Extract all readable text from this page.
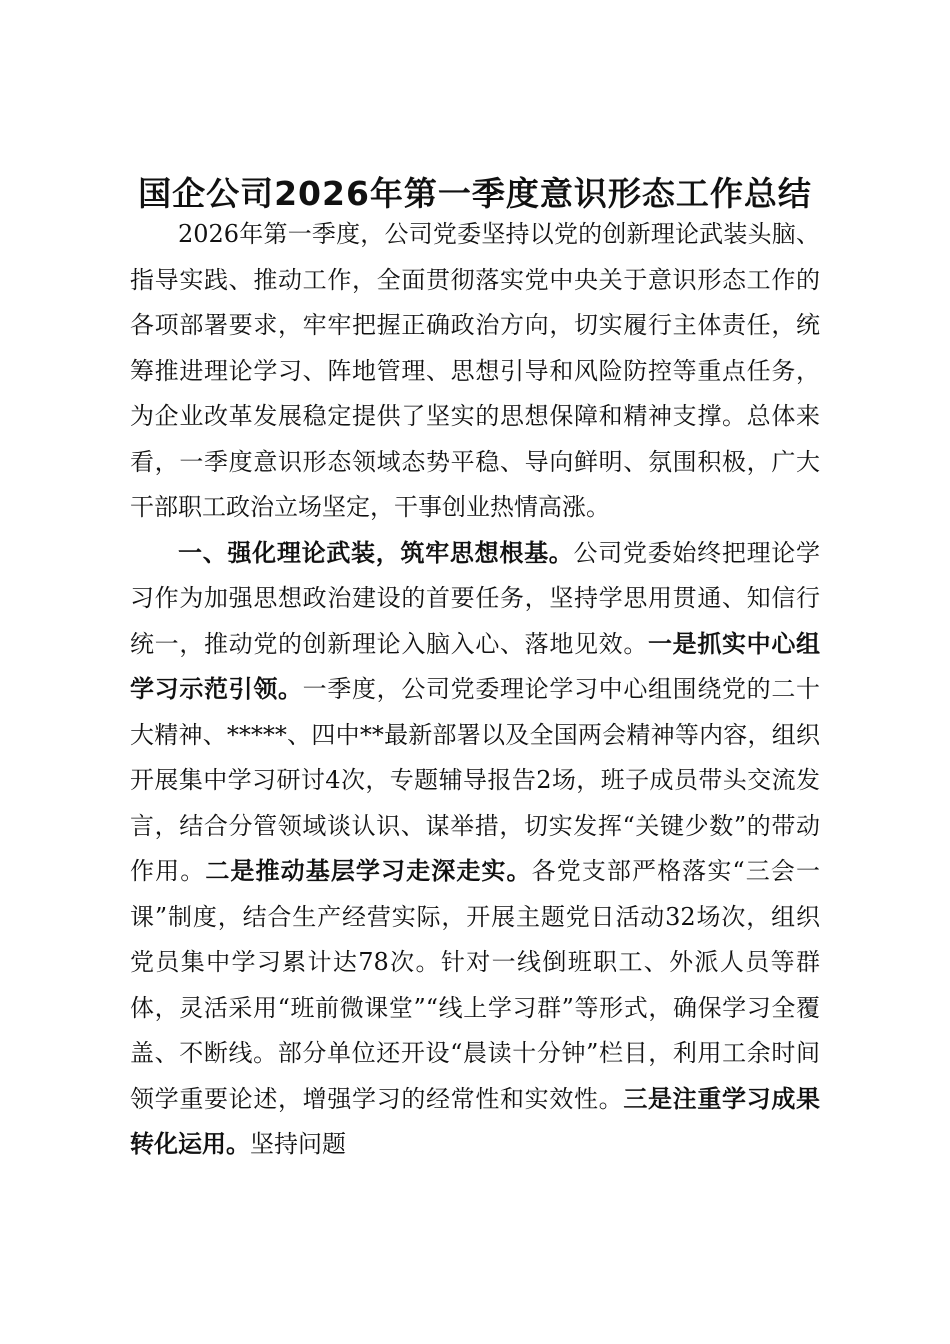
国企公司2026年第一季度意识形态工作总结

2026年第一季度，公司党委坚持以党的创新理论武装头脑、指导实践、推动工作，全面贯彻落实党中央关于意识形态工作的各项部署要求，牢牢把握正确政治方向，切实履行主体责任，统筹推进理论学习、阵地管理、思想引导和风险防控等重点任务，为企业改革发展稳定提供了坚实的思想保障和精神支撑。总体来看，一季度意识形态领域态势平稳、导向鲜明、氛围积极，广大干部职工政治立场坚定，干事创业热情高涨。

一、强化理论武装，筑牢思想根基。公司党委始终把理论学习作为加强思想政治建设的首要任务，坚持学思用贯通、知信行统一，推动党的创新理论入脑入心、落地见效。一是抓实中心组学习示范引领。一季度，公司党委理论学习中心组围绕党的二十大精神、*****、四中**最新部署以及全国两会精神等内容，组织开展集中学习研讨4次，专题辅导报告2场，班子成员带头交流发言，结合分管领域谈认识、谋举措，切实发挥“关键少数”的带动作用。二是推动基层学习走深走实。各党支部严格落实“三会一课”制度，结合生产经营实际，开展主题党日活动32场次，组织党员集中学习累计达78次。针对一线倒班职工、外派人员等群体，灵活采用“班前微课堂”“线上学习群”等形式，确保学习全覆盖、不断线。部分单位还开设“晨读十分钟”栏目，利用工余时间领学重要论述，增强学习的经常性和实效性。三是注重学习成果转化运用。坚持问题
